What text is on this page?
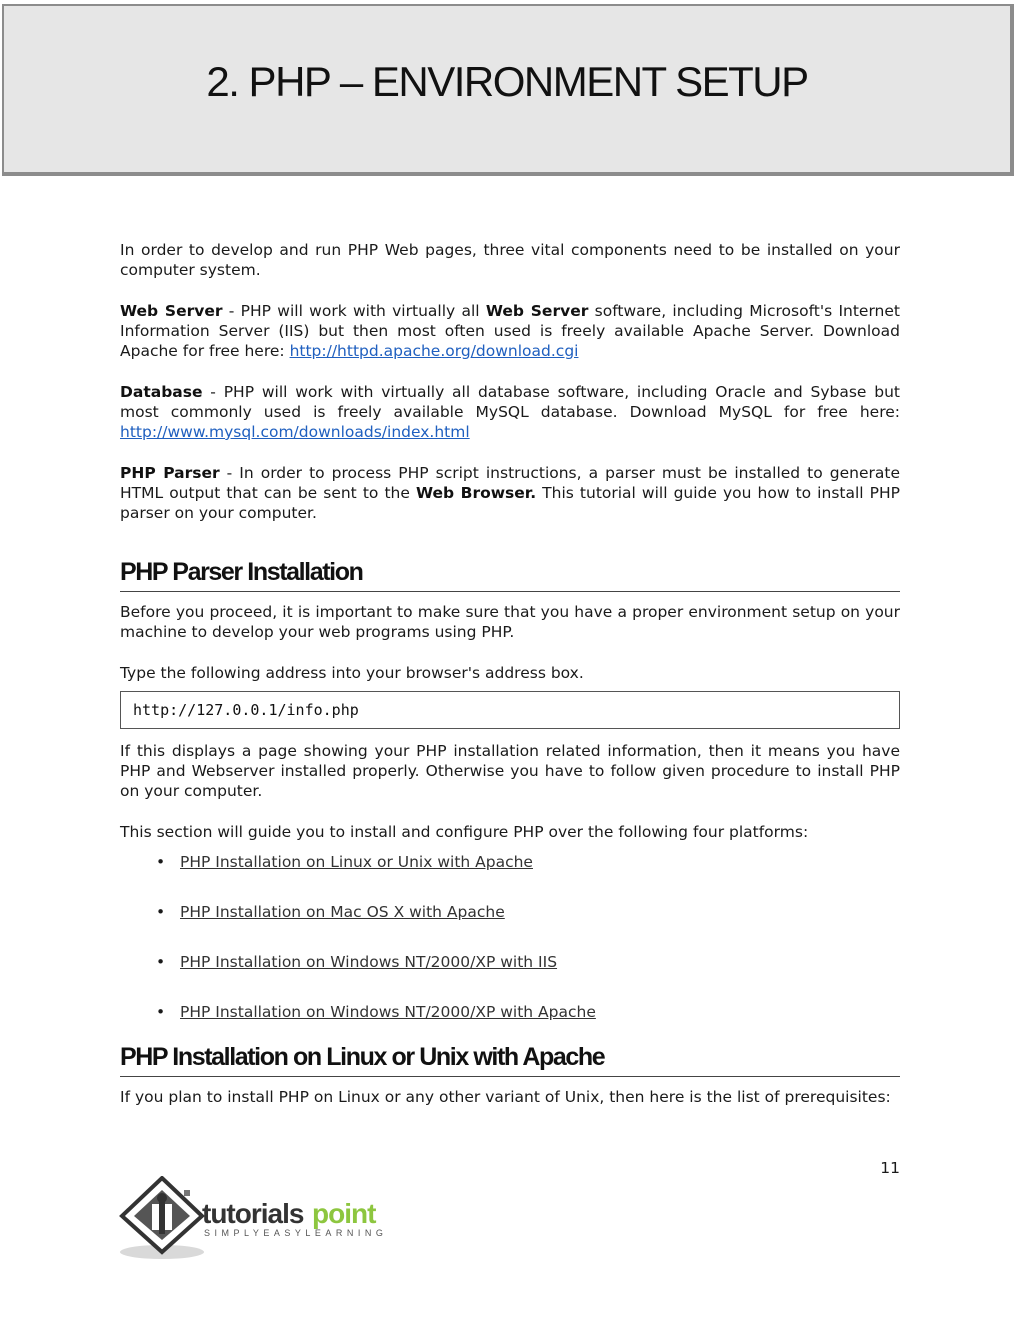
2. PHP – ENVIRONMENT SETUP

In order to develop and run PHP Web pages, three vital components need to be installed on your computer system.

Web Server - PHP will work with virtually all Web Server software, including Microsoft's Internet Information Server (IIS) but then most often used is freely available Apache Server. Download Apache for free here: http://httpd.apache.org/download.cgi

Database - PHP will work with virtually all database software, including Oracle and Sybase but most commonly used is freely available MySQL database. Download MySQL for free here: http://www.mysql.com/downloads/index.html

PHP Parser - In order to process PHP script instructions, a parser must be installed to generate HTML output that can be sent to the Web Browser. This tutorial will guide you how to install PHP parser on your computer.

PHP Parser Installation

Before you proceed, it is important to make sure that you have a proper environment setup on your machine to develop your web programs using PHP.

Type the following address into your browser's address box.

http://127.0.0.1/info.php

If this displays a page showing your PHP installation related information, then it means you have PHP and Webserver installed properly. Otherwise you have to follow given procedure to install PHP on your computer.

This section will guide you to install and configure PHP over the following four platforms:

• PHP Installation on Linux or Unix with Apache
• PHP Installation on Mac OS X with Apache
• PHP Installation on Windows NT/2000/XP with IIS
• PHP Installation on Windows NT/2000/XP with Apache
PHP Installation on Linux or Unix with Apache

If you plan to install PHP on Linux or any other variant of Unix, then here is the list of prerequisites:

11
tutorials point
SIMPLYEASYLEARNING
